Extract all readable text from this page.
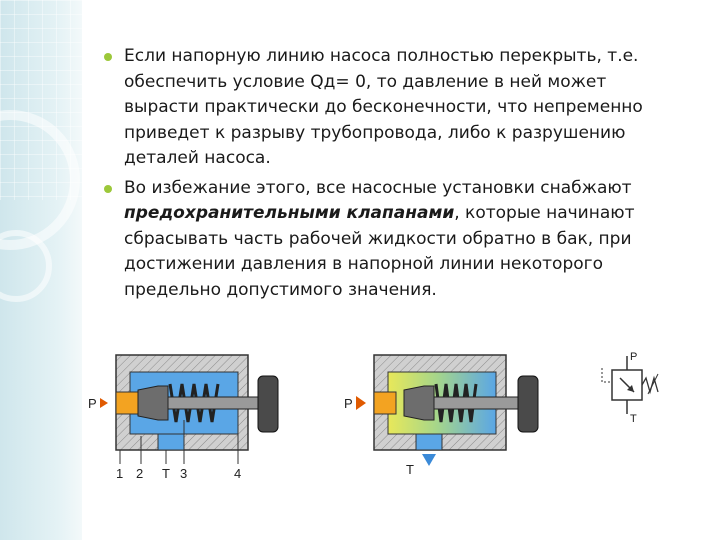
Если напорную линию насоса полностью перекрыть, т.е. обеспечить условие Qд= 0, то давление в ней может вырасти практически до бесконечности, что непременно приведет к разрыву трубопровода, либо к разрушению деталей насоса.
Во избежание этого, все насосные установки снабжают предохранительными клапанами, которые начинают сбрасывать часть рабочей жидкости обратно в бак, при достижении давления в напорной линии некоторого предельно допустимого значения.
P
1 2 T 3	4
P
T
P
T
